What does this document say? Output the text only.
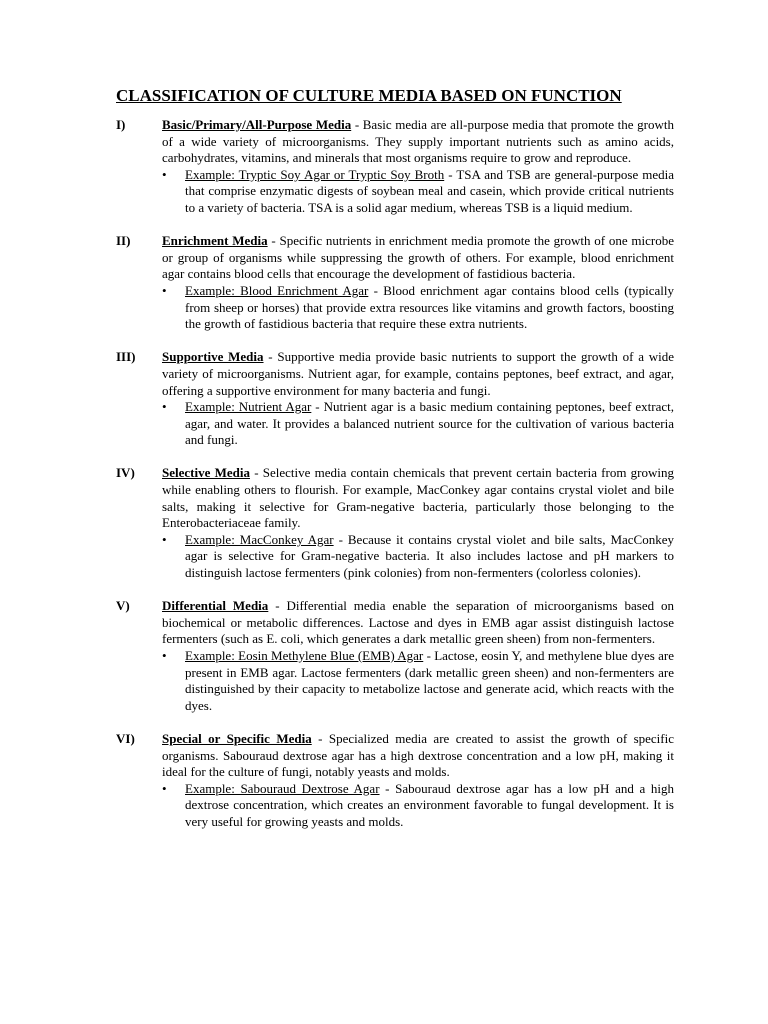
CLASSIFICATION OF CULTURE MEDIA BASED ON FUNCTION
I)	Basic/Primary/All-Purpose Media - Basic media are all-purpose media that promote the growth of a wide variety of microorganisms. They supply important nutrients such as amino acids, carbohydrates, vitamins, and minerals that most organisms require to grow and reproduce.
• Example: Tryptic Soy Agar or Tryptic Soy Broth - TSA and TSB are general-purpose media that comprise enzymatic digests of soybean meal and casein, which provide critical nutrients to a variety of bacteria. TSA is a solid agar medium, whereas TSB is a liquid medium.
II) Enrichment Media - Specific nutrients in enrichment media promote the growth of one microbe or group of organisms while suppressing the growth of others. For example, blood enrichment agar contains blood cells that encourage the development of fastidious bacteria.
• Example: Blood Enrichment Agar - Blood enrichment agar contains blood cells (typically from sheep or horses) that provide extra resources like vitamins and growth factors, boosting the growth of fastidious bacteria that require these extra nutrients.
III) Supportive Media - Supportive media provide basic nutrients to support the growth of a wide variety of microorganisms. Nutrient agar, for example, contains peptones, beef extract, and agar, offering a supportive environment for many bacteria and fungi.
• Example: Nutrient Agar - Nutrient agar is a basic medium containing peptones, beef extract, agar, and water. It provides a balanced nutrient source for the cultivation of various bacteria and fungi.
IV) Selective Media - Selective media contain chemicals that prevent certain bacteria from growing while enabling others to flourish. For example, MacConkey agar contains crystal violet and bile salts, making it selective for Gram-negative bacteria, particularly those belonging to the Enterobacteriaceae family.
• Example: MacConkey Agar - Because it contains crystal violet and bile salts, MacConkey agar is selective for Gram-negative bacteria. It also includes lactose and pH markers to distinguish lactose fermenters (pink colonies) from non-fermenters (colorless colonies).
V) Differential Media - Differential media enable the separation of microorganisms based on biochemical or metabolic differences. Lactose and dyes in EMB agar assist distinguish lactose fermenters (such as E. coli, which generates a dark metallic green sheen) from non-fermenters.
• Example: Eosin Methylene Blue (EMB) Agar - Lactose, eosin Y, and methylene blue dyes are present in EMB agar. Lactose fermenters (dark metallic green sheen) and non-fermenters are distinguished by their capacity to metabolize lactose and generate acid, which reacts with the dyes.
VI) Special or Specific Media - Specialized media are created to assist the growth of specific organisms. Sabouraud dextrose agar has a high dextrose concentration and a low pH, making it ideal for the culture of fungi, notably yeasts and molds.
• Example: Sabouraud Dextrose Agar - Sabouraud dextrose agar has a low pH and a high dextrose concentration, which creates an environment favorable to fungal development. It is very useful for growing yeasts and molds.
